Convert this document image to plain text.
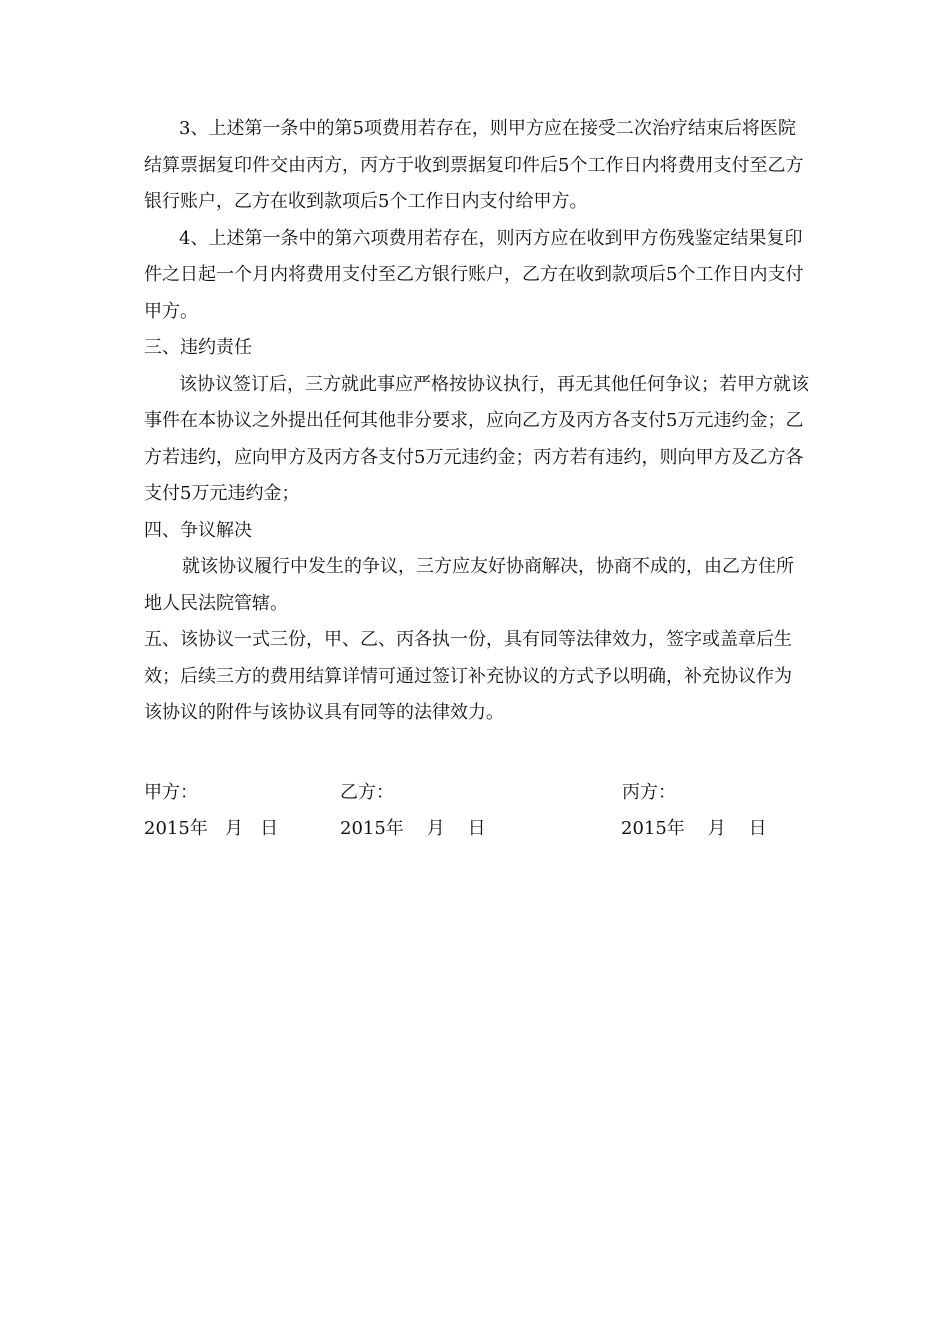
3、上述第一条中的第5项费用若存在，则甲方应在接受二次治疗结束后将医院结算票据复印件交由丙方，丙方于收到票据复印件后5个工作日内将费用支付至乙方银行账户，乙方在收到款项后5个工作日内支付给甲方。

4、上述第一条中的第六项费用若存在，则丙方应在收到甲方伤残鉴定结果复印件之日起一个月内将费用支付至乙方银行账户，乙方在收到款项后5个工作日内支付甲方。

三、违约责任

该协议签订后，三方就此事应严格按协议执行，再无其他任何争议；若甲方就该事件在本协议之外提出任何其他非分要求，应向乙方及丙方各支付5万元违约金；乙方若违约，应向甲方及丙方各支付5万元违约金；丙方若有违约，则向甲方及乙方各支付5万元违约金；

四、争议解决

就该协议履行中发生的争议，三方应友好协商解决，协商不成的，由乙方住所地人民法院管辖。

五、该协议一式三份，甲、乙、丙各执一份，具有同等法律效力，签字或盖章后生效；后续三方的费用结算详情可通过签订补充协议的方式予以明确，补充协议作为该协议的附件与该协议具有同等的法律效力。

甲方：	乙方：	丙方：
2015年   月   日	2015年    月    日	2015年    月    日
